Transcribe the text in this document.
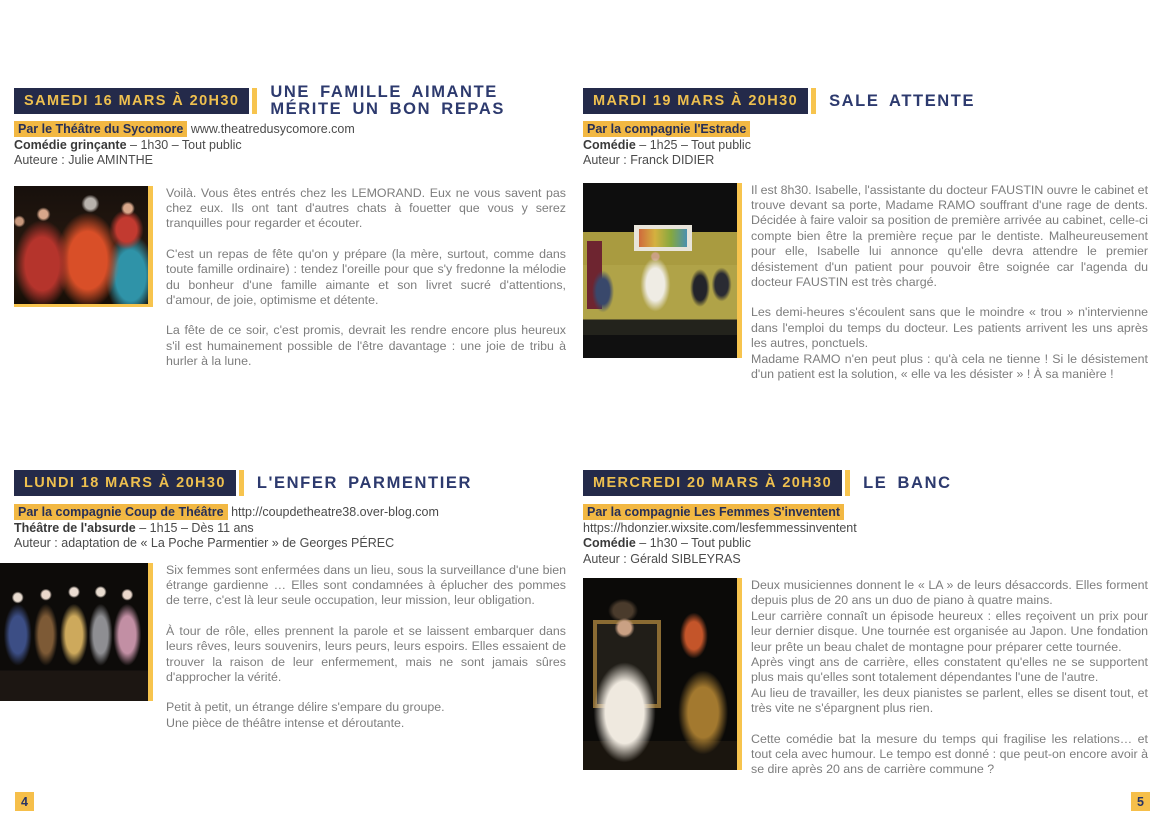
SAMEDI 16 MARS À 20H30	UNE FAMILLE AIMANTE MÉRITE UN BON REPAS
Par le Théâtre du Sycomore www.theatredusycomore.com
Comédie grinçante – 1h30 – Tout public
Auteure : Julie AMINTHE

Voilà. Vous êtes entrés chez les LEMORAND. Eux ne vous savent pas chez eux. Ils ont tant d'autres chats à fouetter que vous y serez tranquilles pour regarder et écouter.

C'est un repas de fête qu'on y prépare (la mère, surtout, comme dans toute famille ordinaire) : tendez l'oreille pour que s'y fredonne la mélodie du bonheur d'une famille aimante et son livret sucré d'attentions, d'amour, de joie, optimisme et détente.

La fête de ce soir, c'est promis, devrait les rendre encore plus heureux s'il est humainement possible de l'être davantage : une joie de tribu à hurler à la lune.

MARDI 19 MARS À 20H30	SALE ATTENTE
Par la compagnie l'Estrade
Comédie – 1h25 – Tout public
Auteur : Franck DIDIER

Il est 8h30. Isabelle, l'assistante du docteur FAUSTIN ouvre le cabinet et trouve devant sa porte, Madame RAMO souffrant d'une rage de dents. Décidée à faire valoir sa position de première arrivée au cabinet, celle-ci compte bien être la première reçue par le dentiste. Malheureusement pour elle, Isabelle lui annonce qu'elle devra attendre le premier désistement d'un patient pour pouvoir être soignée car l'agenda du docteur FAUSTIN est très chargé.

Les demi-heures s'écoulent sans que le moindre « trou » n'intervienne dans l'emploi du temps du docteur. Les patients arrivent les uns après les autres, ponctuels.

Madame RAMO n'en peut plus : qu'à cela ne tienne ! Si le désistement d'un patient est la solution, « elle va les désister » ! À sa manière !

LUNDI 18 MARS À 20H30	L'ENFER PARMENTIER
Par la compagnie Coup de Théâtre http://coupdetheatre38.over-blog.com
Théâtre de l'absurde – 1h15 – Dès 11 ans
Auteur : adaptation de « La Poche Parmentier » de Georges PÉREC

Six femmes sont enfermées dans un lieu, sous la surveillance d'une bien étrange gardienne … Elles sont condamnées à éplucher des pommes de terre, c'est là leur seule occupation, leur mission, leur obligation.

À tour de rôle, elles prennent la parole et se laissent embarquer dans leurs rêves, leurs souvenirs, leurs peurs, leurs espoirs. Elles essaient de trouver la raison de leur enfermement, mais ne sont jamais sûres d'approcher la vérité.

Petit à petit, un étrange délire s'empare du groupe.

Une pièce de théâtre intense et déroutante.

MERCREDI 20 MARS À 20H30	LE BANC
Par la compagnie Les Femmes S'inventent
https://hdonzier.wixsite.com/lesfemmessinventent
Comédie – 1h30 – Tout public
Auteur : Gérald SIBLEYRAS

Deux musiciennes donnent le « LA » de leurs désaccords. Elles forment depuis plus de 20 ans un duo de piano à quatre mains.

Leur carrière connaît un épisode heureux : elles reçoivent un prix pour leur dernier disque. Une tournée est organisée au Japon. Une fondation leur prête un beau chalet de montagne pour préparer cette tournée.

Après vingt ans de carrière, elles constatent qu'elles ne se supportent plus mais qu'elles sont totalement dépendantes l'une de l'autre.

Au lieu de travailler, les deux pianistes se parlent, elles se disent tout, et très vite ne s'épargnent plus rien.

Cette comédie bat la mesure du temps qui fragilise les relations… et tout cela avec humour. Le tempo est donné : que peut-on encore avoir à se dire après 20 ans de carrière commune ?

4	5
